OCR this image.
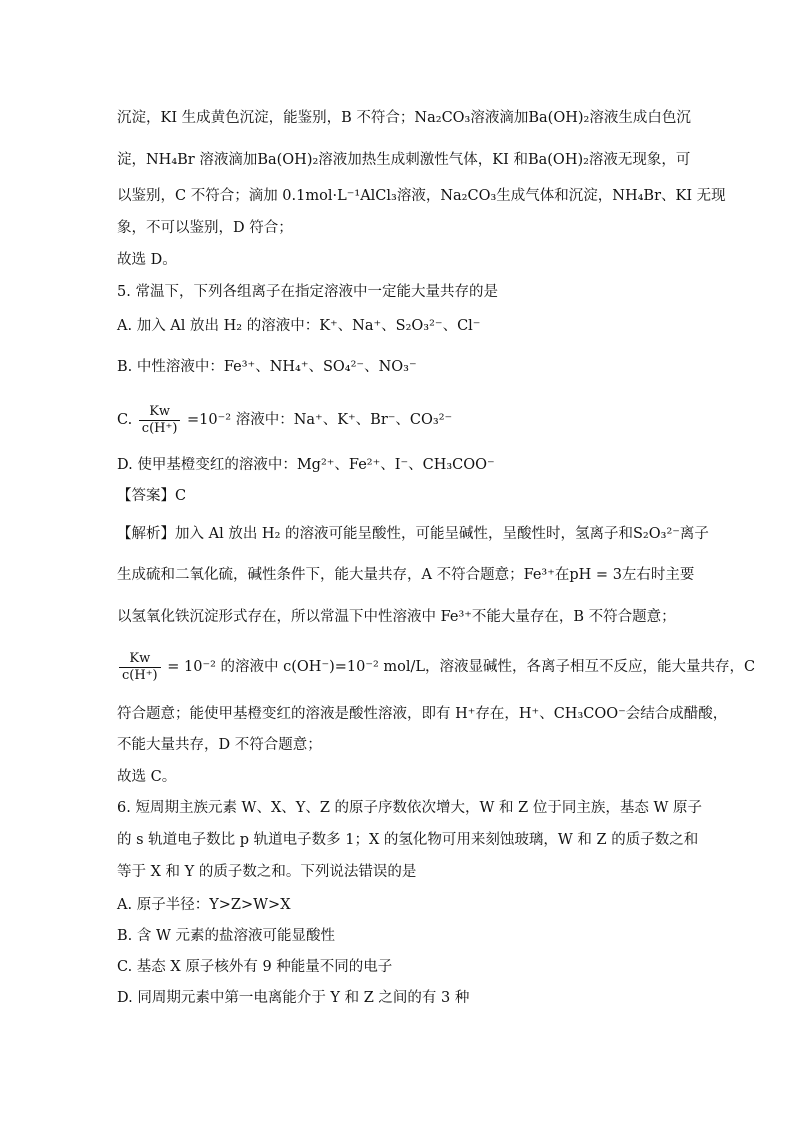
沉淀，KI 生成黄色沉淀，能鉴别，B 不符合；Na₂CO₃溶液滴加Ba(OH)₂溶液生成白色沉
淀，NH₄Br 溶液滴加Ba(OH)₂溶液加热生成刺激性气体，KI 和Ba(OH)₂溶液无现象，可
以鉴别，C 不符合；滴加 0.1mol·L⁻¹AlCl₃溶液，Na₂CO₃生成气体和沉淀，NH₄Br、KI 无现
象，不可以鉴别，D 符合；
故选 D。
5. 常温下，下列各组离子在指定溶液中一定能大量共存的是
A. 加入 Al 放出 H₂ 的溶液中：K⁺、Na⁺、S₂O₃²⁻、Cl⁻
B. 中性溶液中：Fe³⁺、NH₄⁺、SO₄²⁻、NO₃⁻
C. $\frac{Kw}{c(H^+)} =10^{-2}$ 溶液中：Na⁺、K⁺、Br⁻、CO₃²⁻
D. 使甲基橙变红的溶液中：Mg²⁺、Fe²⁺、I⁻、CH₃COO⁻
【答案】C
【解析】加入 Al 放出 H₂ 的溶液可能呈酸性，可能呈碱性，呈酸性时，氢离子和S₂O₃²⁻离子
生成硫和二氧化硫，碱性条件下，能大量共存，A 不符合题意；Fe³⁺在pH = 3左右时主要
以氢氧化铁沉淀形式存在，所以常温下中性溶液中 Fe³⁺不能大量存在，B 不符合题意；
$\frac{Kw}{c(H^+)} = 10^{-2}$ 的溶液中 c(OH⁻)=10⁻² mol/L，溶液显碱性，各离子相互不反应，能大量共存，C
符合题意；能使甲基橙变红的溶液是酸性溶液，即有 H⁺存在，H⁺、CH₃COO⁻会结合成醋酸，
不能大量共存，D 不符合题意；
故选 C。
6. 短周期主族元素 W、X、Y、Z 的原子序数依次增大，W 和 Z 位于同主族，基态 W 原子
的 s 轨道电子数比 p 轨道电子数多 1；X 的氢化物可用来刻蚀玻璃，W 和 Z 的质子数之和
等于 X 和 Y 的质子数之和。下列说法错误的是
A. 原子半径：Y>Z>W>X
B. 含 W 元素的盐溶液可能显酸性
C. 基态 X 原子核外有 9 种能量不同的电子
D. 同周期元素中第一电离能介于 Y 和 Z 之间的有 3 种
